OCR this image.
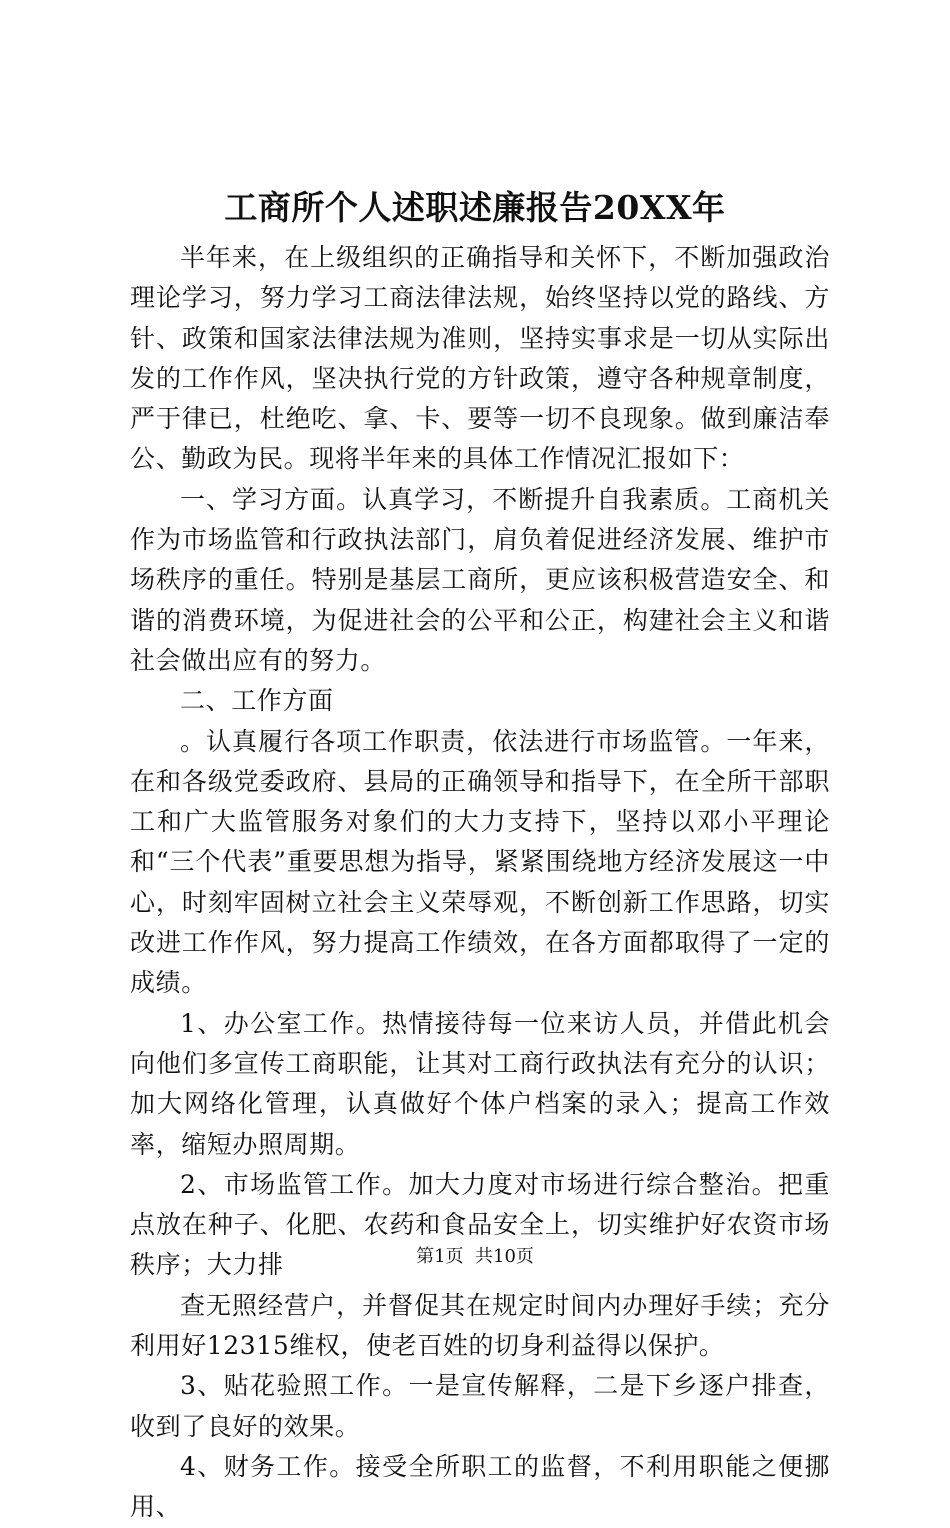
工商所个人述职述廉报告20XX年

半年来，在上级组织的正确指导和关怀下，不断加强政治理论学习，努力学习工商法律法规，始终坚持以党的路线、方针、政策和国家法律法规为准则，坚持实事求是一切从实际出发的工作作风，坚决执行党的方针政策，遵守各种规章制度，严于律已，杜绝吃、拿、卡、要等一切不良现象。做到廉洁奉公、勤政为民。现将半年来的具体工作情况汇报如下：

一、学习方面。认真学习，不断提升自我素质。工商机关作为市场监管和行政执法部门，肩负着促进经济发展、维护市场秩序的重任。特别是基层工商所，更应该积极营造安全、和谐的消费环境，为促进社会的公平和公正，构建社会主义和谐社会做出应有的努力。

二、工作方面

。认真履行各项工作职责，依法进行市场监管。一年来，在和各级党委政府、县局的正确领导和指导下，在全所干部职工和广大监管服务对象们的大力支持下，坚持以邓小平理论和“三个代表”重要思想为指导，紧紧围绕地方经济发展这一中心，时刻牢固树立社会主义荣辱观，不断创新工作思路，切实改进工作作风，努力提高工作绩效，在各方面都取得了一定的成绩。

1、办公室工作。热情接待每一位来访人员，并借此机会向他们多宣传工商职能，让其对工商行政执法有充分的认识；加大网络化管理，认真做好个体户档案的录入；提高工作效率，缩短办照周期。

2、市场监管工作。加大力度对市场进行综合整治。把重点放在种子、化肥、农药和食品安全上，切实维护好农资市场秩序；大力排

查无照经营户，并督促其在规定时间内办理好手续；充分利用好12315维权，使老百姓的切身利益得以保护。

3、贴花验照工作。一是宣传解释，二是下乡逐户排查，收到了良好的效果。

4、财务工作。接受全所职工的监督，不利用职能之便挪用、

第1页  共10页
